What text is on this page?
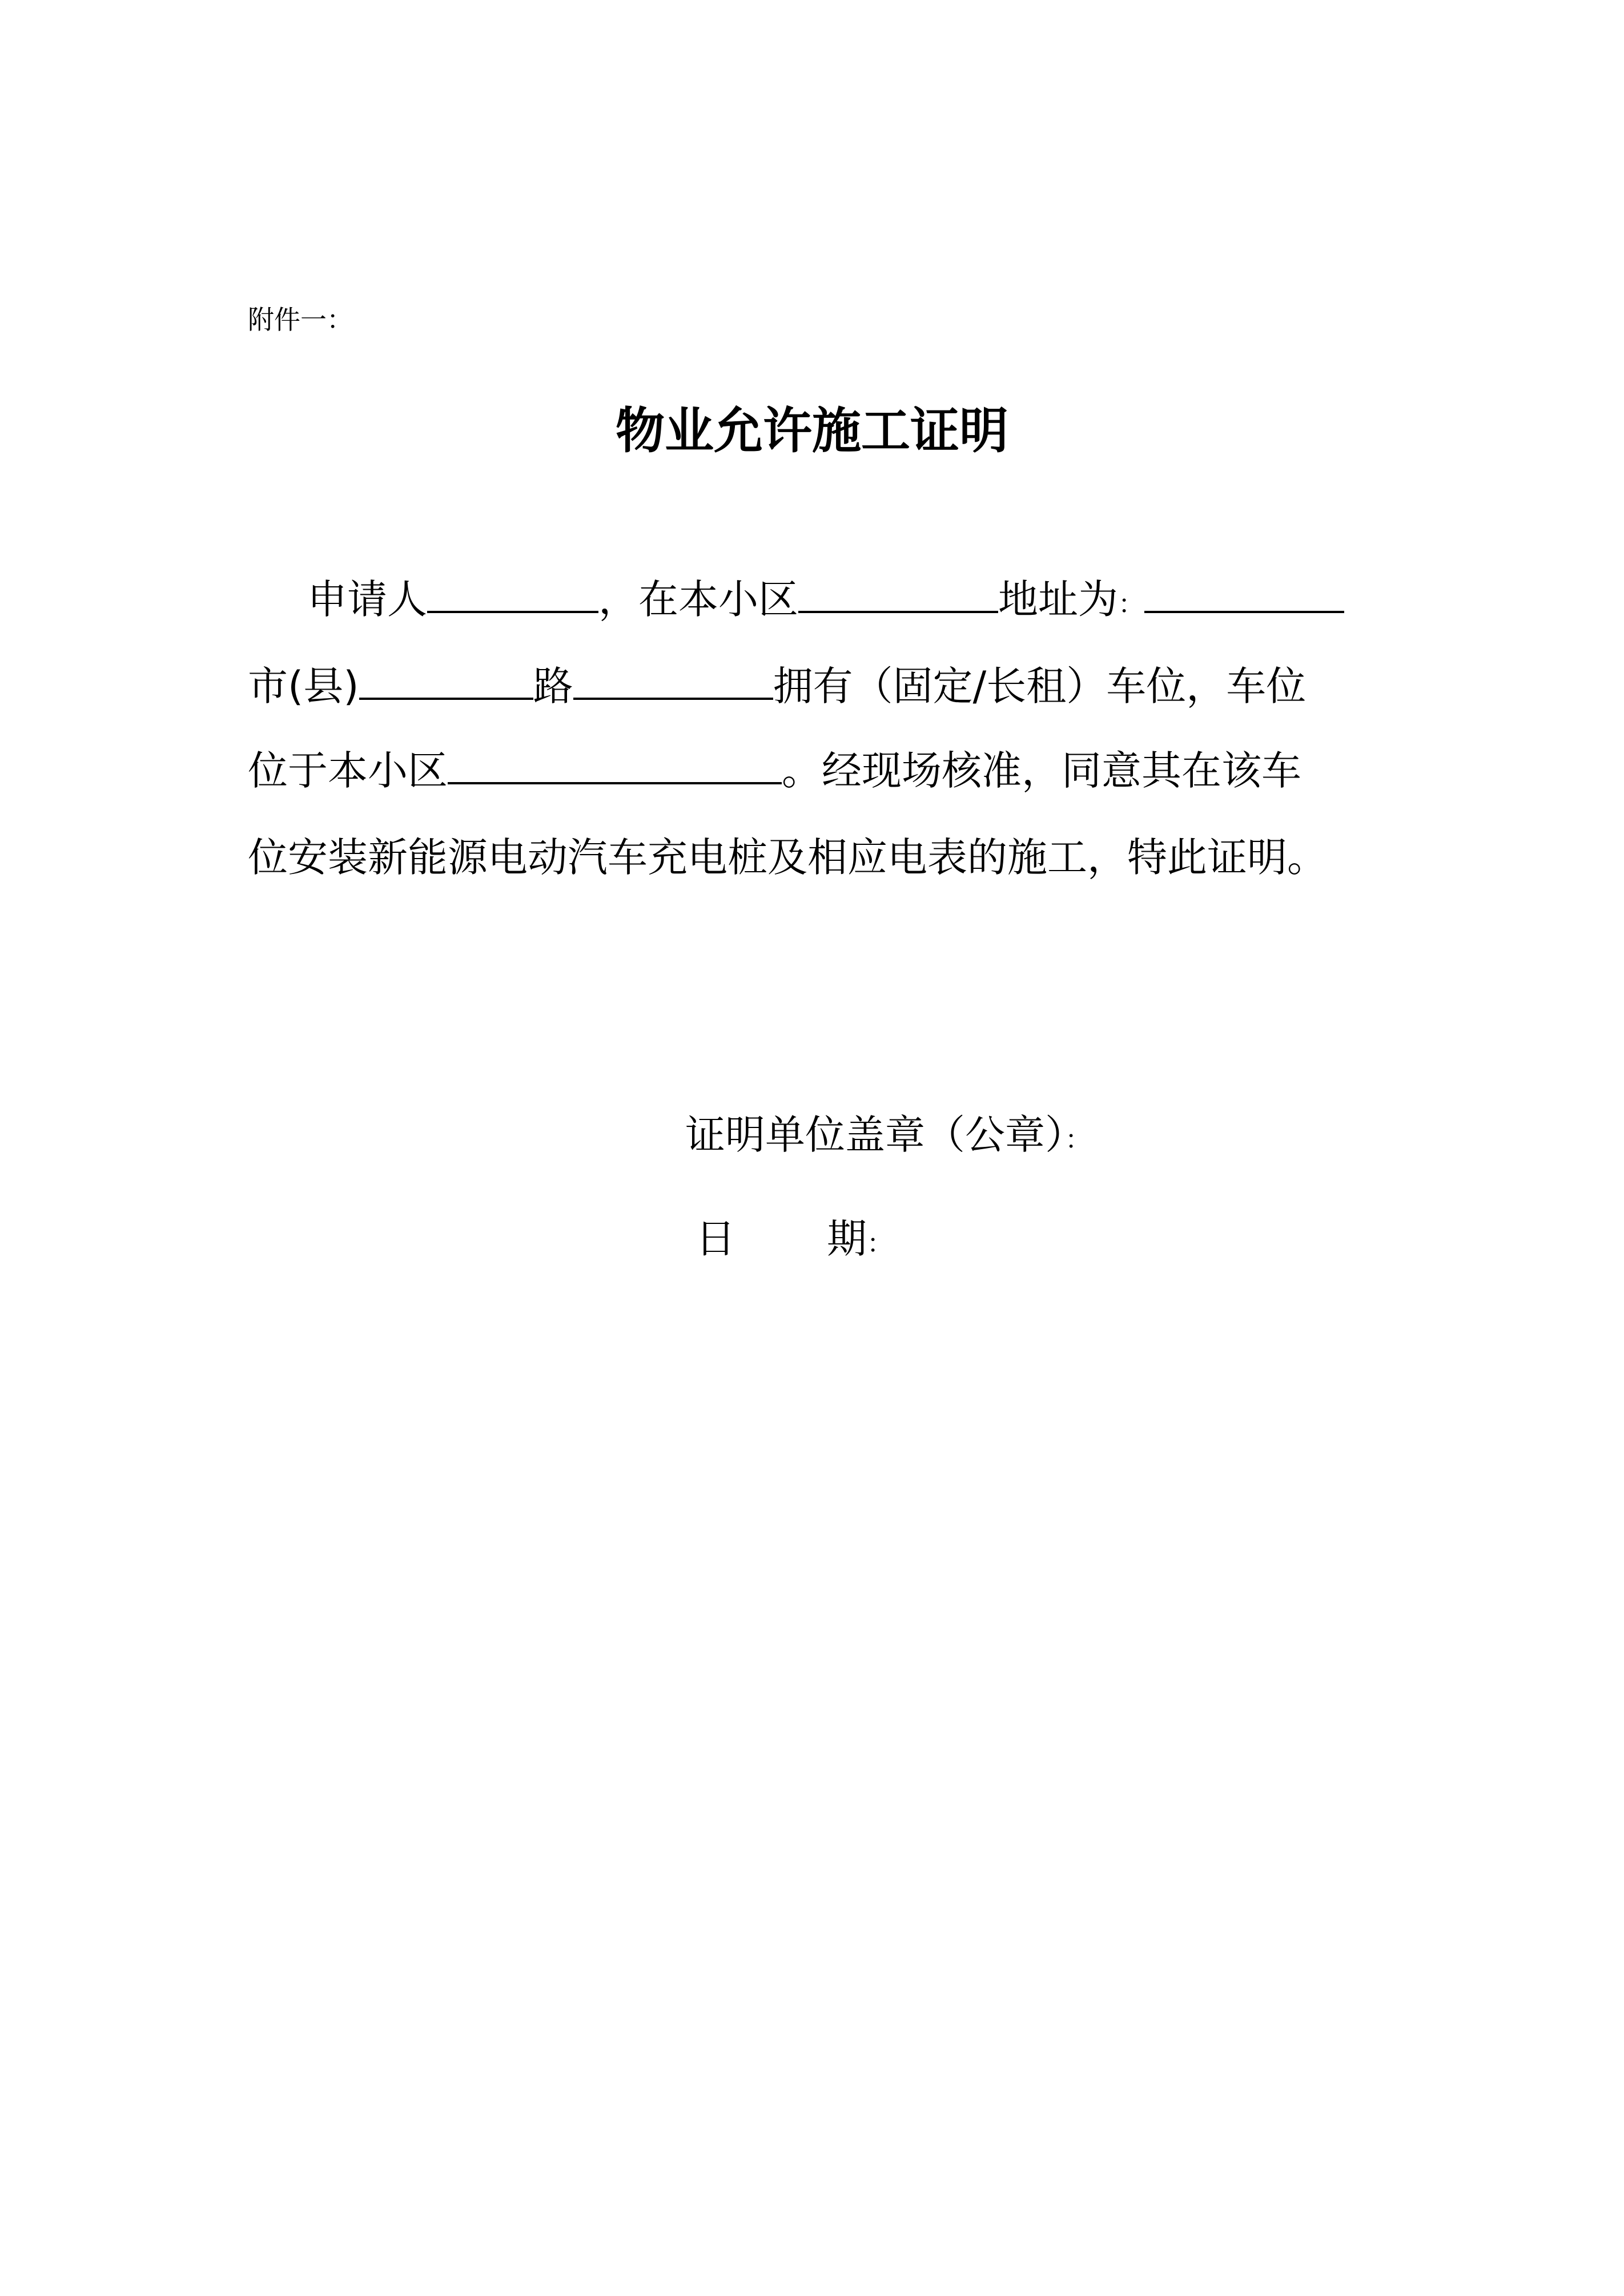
附件一：
物业允许施工证明
申请人	，在本小区	地址为：
市(县)	路	拥有（固定/长租）车位，车位
位于本小区	。经现场核准，同意其在该车
位安装新能源电动汽车充电桩及相应电表的施工，特此证明。
证明单位盖章（公章）：
日 期：
